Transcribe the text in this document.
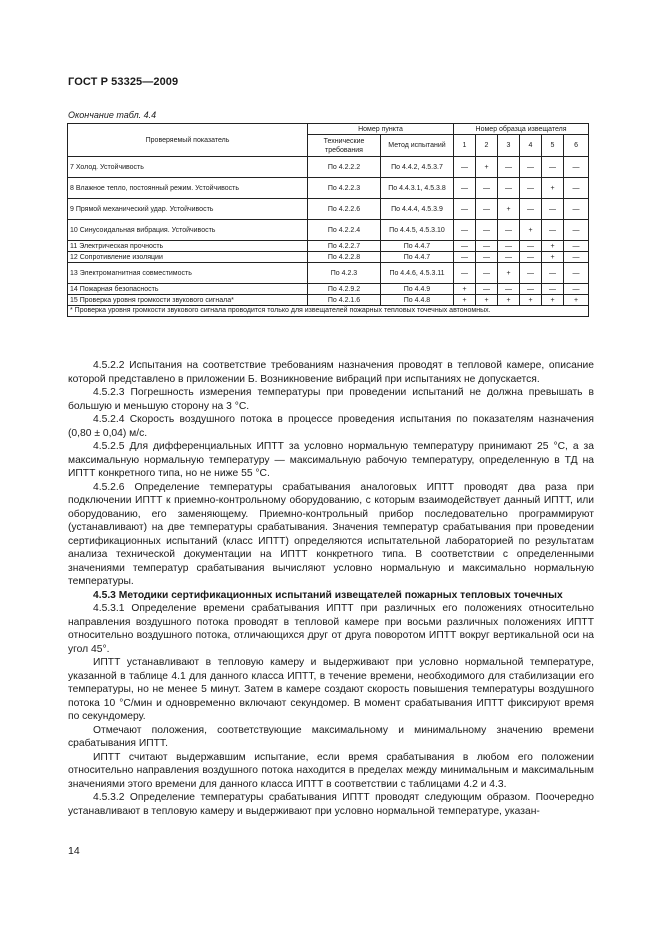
ГОСТ Р 53325—2009
Окончание табл. 4.4
Проверяемый показатель	Номер пункта		Номер образца извещателя					
	Технические требования	Метод испытаний	1	2	3	4	5	6

7 Холод. Устойчивость	По 4.2.2.2	По 4.4.2, 4.5.3.7	—	+	—	—	—	—
8 Влажное тепло, постоянный режим. Устойчивость	По 4.2.2.3	По 4.4.3.1, 4.5.3.8	—	—	—	—	+	—
9 Прямой механический удар. Устойчивость	По 4.2.2.6	По 4.4.4, 4.5.3.9	—	—	+	—	—	—
10 Синусоидальная вибрация. Устойчивость	По 4.2.2.4	По 4.4.5, 4.5.3.10	—	—	—	+	—	—
11 Электрическая прочность	По 4.2.2.7	По 4.4.7	—	—	—	—	+	—
12 Сопротивление изоляции	По 4.2.2.8	По 4.4.7	—	—	—	—	+	—
13 Электромагнитная совместимость	По 4.2.3	По 4.4.6, 4.5.3.11	—	—	+	—	—	—
14 Пожарная безопасность	По 4.2.9.2	По 4.4.9	+	—	—	—	—	—
15 Проверка уровня громкости звукового сигнала*	По 4.2.1.6	По 4.4.8	+	+	+	+	+	+
* Проверка уровня громкости звукового сигнала проводится только для извещателей пожарных тепловых точечных автономных.								

4.5.2.2 Испытания на соответствие требованиям назначения проводят в тепловой камере, описание которой представлено в приложении Б. Возникновение вибраций при испытаниях не допускается.

4.5.2.3 Погрешность измерения температуры при проведении испытаний не должна превышать в большую и меньшую сторону на 3 °С.

4.5.2.4 Скорость воздушного потока в процессе проведения испытания по показателям назначения (0,80 ± 0,04) м/с.

4.5.2.5 Для дифференциальных ИПТТ за условно нормальную температуру принимают 25 °С, а за максимальную нормальную температуру — максимальную рабочую температуру, определенную в ТД на ИПТТ конкретного типа, но не ниже 55 °С.

4.5.2.6 Определение температуры срабатывания аналоговых ИПТТ проводят два раза при подключении ИПТТ к приемно-контрольному оборудованию, с которым взаимодействует данный ИПТТ, или оборудованию, его заменяющему. Приемно-контрольный прибор последовательно программируют (устанавливают) на две температуры срабатывания. Значения температур срабатывания при проведении сертификационных испытаний (класс ИПТТ) определяются испытательной лабораторией по результатам анализа технической документации на ИПТТ конкретного типа. В соответствии с определенными значениями температур срабатывания вычисляют условно нормальную и максимально нормальную температуры.

4.5.3 Методики сертификационных испытаний извещателей пожарных тепловых точечных

4.5.3.1 Определение времени срабатывания ИПТТ при различных его положениях относительно направления воздушного потока проводят в тепловой камере при восьми различных положениях ИПТТ относительно воздушного потока, отличающихся друг от друга поворотом ИПТТ вокруг вертикальной оси на угол 45°.

ИПТТ устанавливают в тепловую камеру и выдерживают при условно нормальной температуре, указанной в таблице 4.1 для данного класса ИПТТ, в течение времени, необходимого для стабилизации его температуры, но не менее 5 минут. Затем в камере создают скорость повышения температуры воздушного потока 10 °С/мин и одновременно включают секундомер. В момент срабатывания ИПТТ фиксируют время по секундомеру.

Отмечают положения, соответствующие максимальному и минимальному значению времени срабатывания ИПТТ.

ИПТТ считают выдержавшим испытание, если время срабатывания в любом его положении относительно направления воздушного потока находится в пределах между минимальным и максимальным значениями этого времени для данного класса ИПТТ в соответствии с таблицами 4.2 и 4.3.

4.5.3.2 Определение температуры срабатывания ИПТТ проводят следующим образом. Поочередно устанавливают в тепловую камеру и выдерживают при условно нормальной температуре, указан-

14
